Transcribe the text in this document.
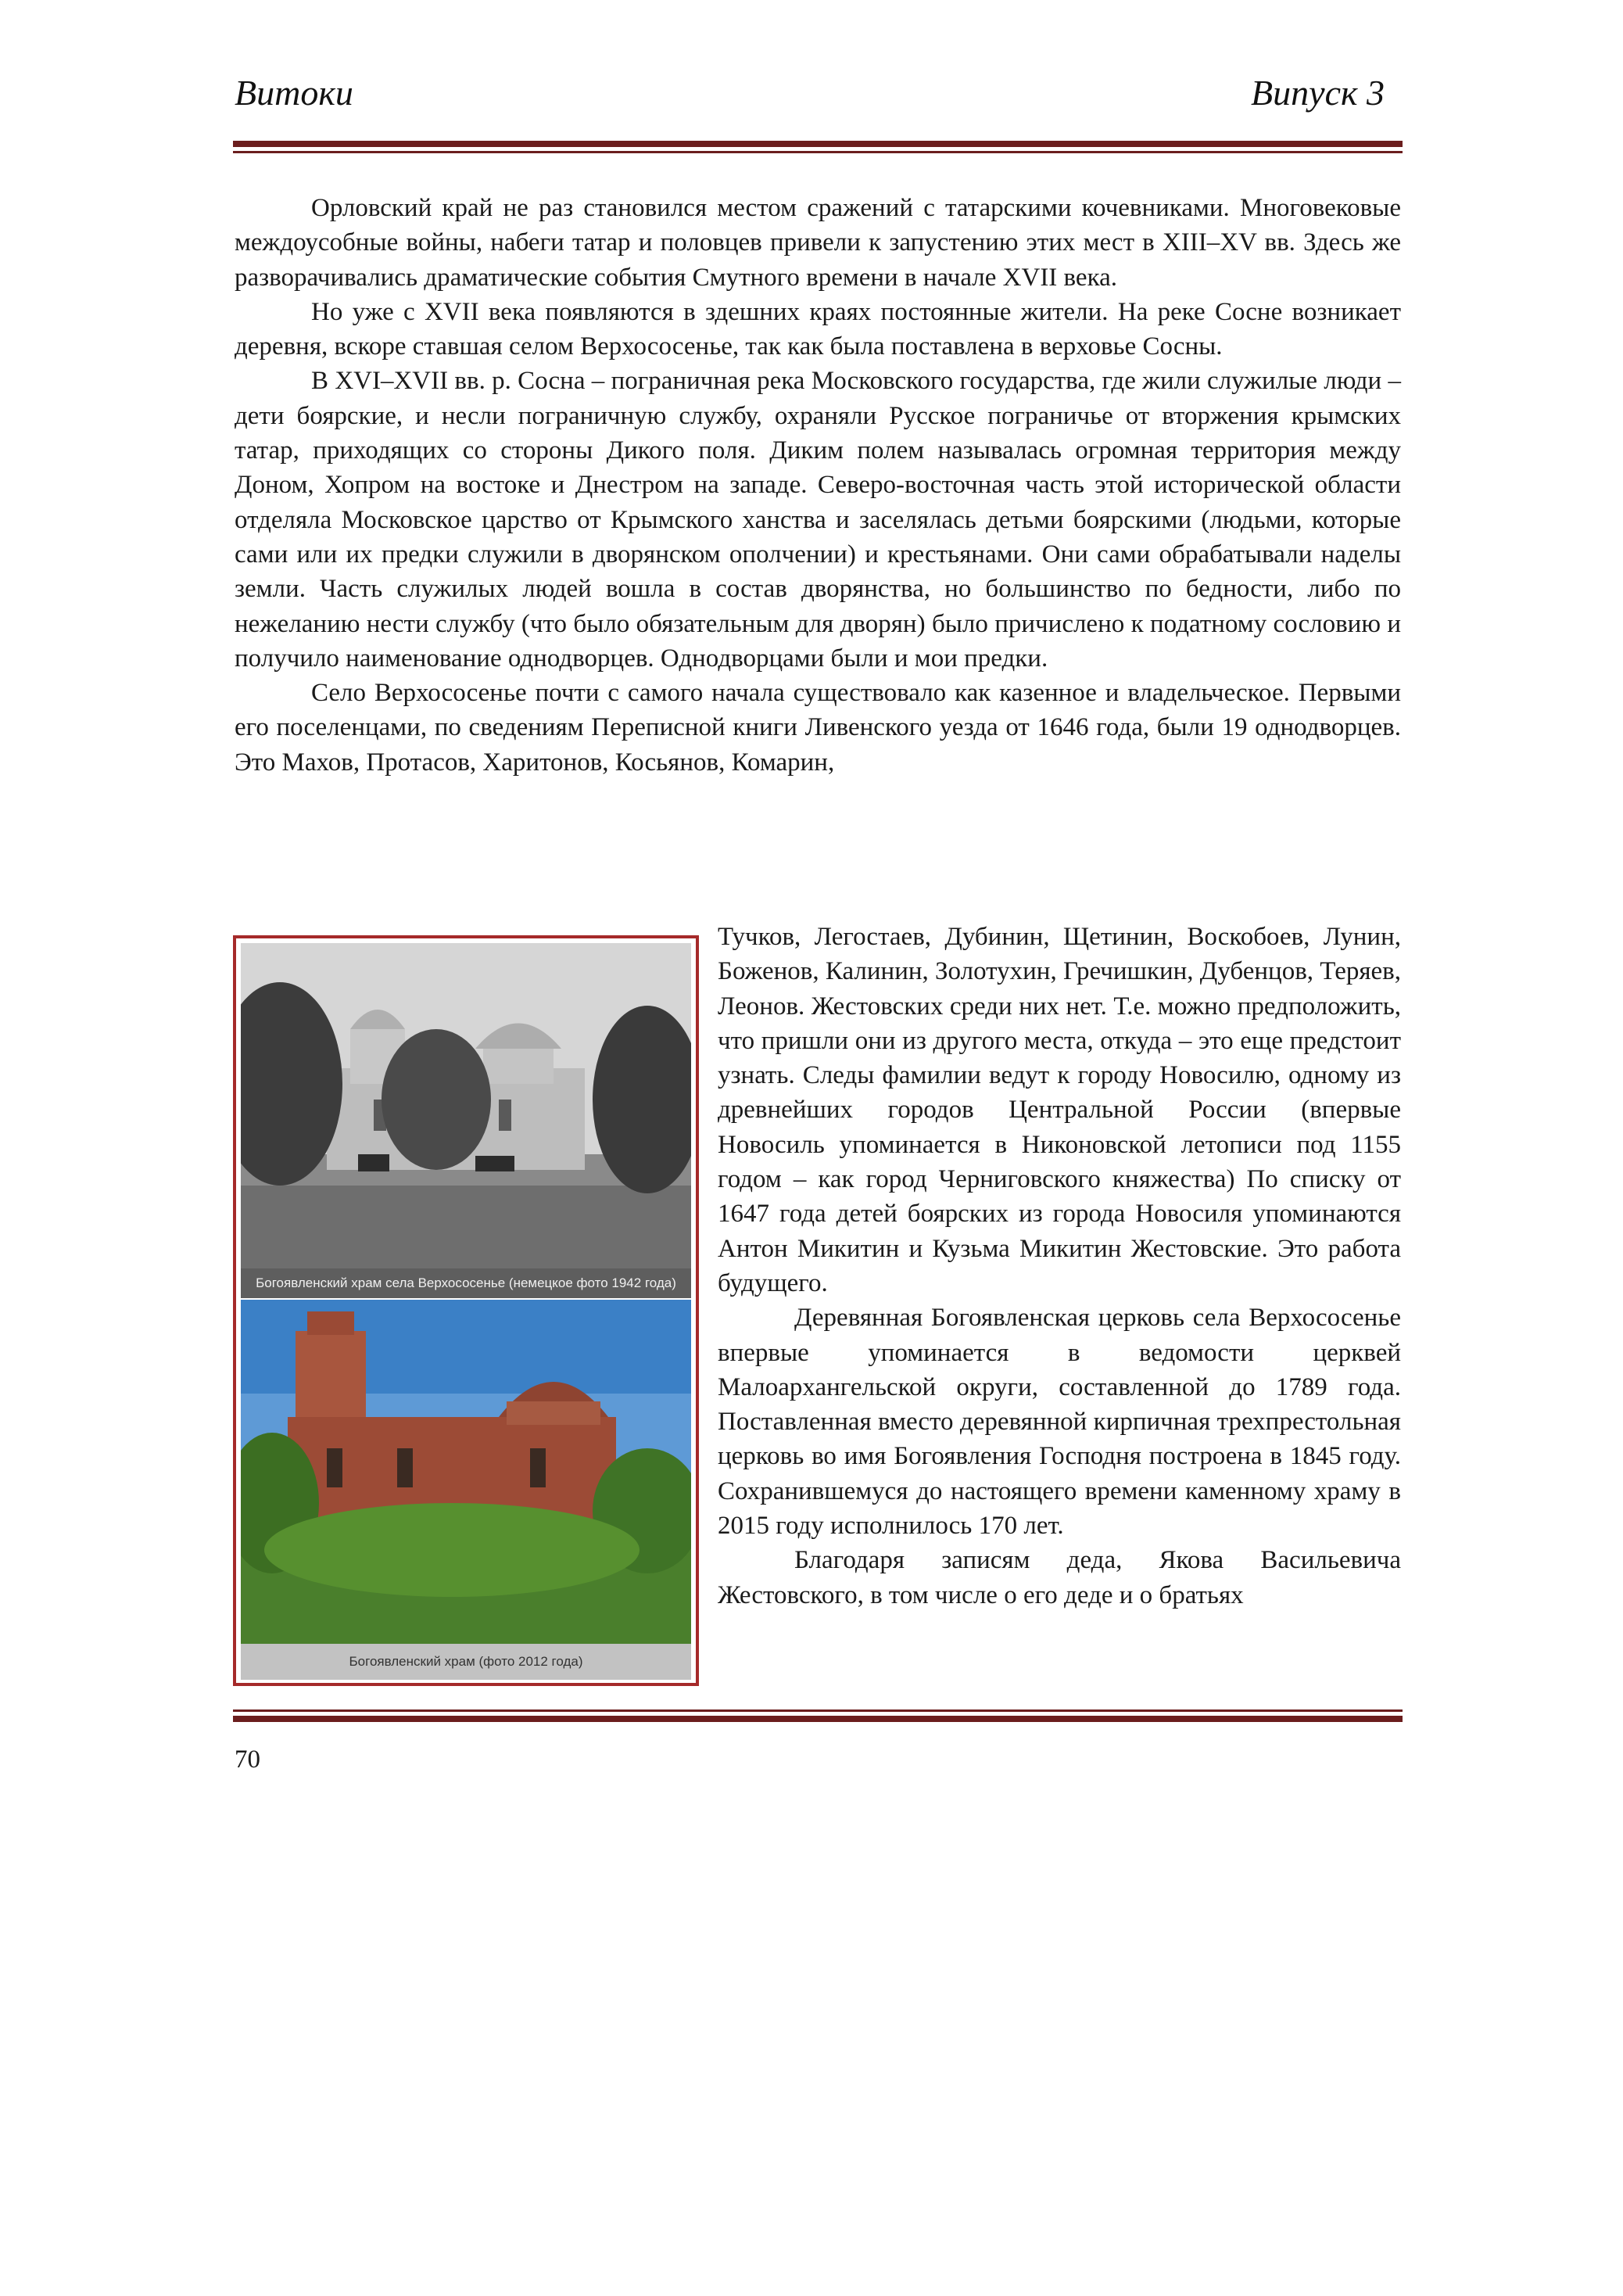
Витоки	Випуск 3

Орловский край не раз становился местом сражений с татарскими кочевниками. Многовековые междоусобные войны, набеги татар и половцев привели к запустению этих мест в XIII–XV вв. Здесь же разворачивались драматические события Смутного времени в начале XVII века.

Но уже с XVII века появляются в здешних краях постоянные жители. На реке Сосне возникает деревня, вскоре ставшая селом Верхососенье, так как была поставлена в верховье Сосны.

В XVI–XVII вв. р. Сосна – пограничная река Московского государства, где жили служилые люди – дети боярские, и несли пограничную службу, охраняли Русское пограничье от вторжения крымских татар, приходящих со стороны Дикого поля. Диким полем называлась огромная территория между Доном, Хопром на востоке и Днестром на западе. Северо-восточная часть этой исторической области отделяла Московское царство от Крымского ханства и заселялась детьми боярскими (людьми, которые сами или их предки служили в дворянском ополчении) и крестьянами. Они сами обрабатывали наделы земли. Часть служилых людей вошла в состав дворянства, но большинство по бедности, либо по нежеланию нести службу (что было обязательным для дворян) было причислено к податному сословию и получило наименование однодворцев. Однодворцами были и мои предки.

Село Верхососенье почти с самого начала существовало как казенное и владельческое. Первыми его поселенцами, по сведениям Переписной книги Ливенского уезда от 1646 года, были 19 однодворцев. Это Махов, Протасов, Харитонов, Косьянов, Комарин,

Богоявленский храм села Верхососенье (немецкое фото 1942 года)
Богоявленский храм (фото 2012 года)

Тучков, Легостаев, Дубинин, Щетинин, Воскобоев, Лунин, Боженов, Калинин, Золотухин, Гречишкин, Дубенцов, Теряев, Леонов. Жестовских среди них нет. Т.е. можно предположить, что пришли они из другого места, откуда – это еще предстоит узнать. Следы фамилии ведут к городу Новосилю, одному из древнейших городов Центральной России (впервые Новосиль упоминается в Никоновской летописи под 1155 годом – как город Черниговского княжества) По списку от 1647 года детей боярских из города Новосиля упоминаются Антон Микитин и Кузьма Микитин Жестовские. Это работа будущего.

Деревянная Богоявленская церковь села Верхососенье впервые упоминается в ведомости церквей Малоархангельской округи, составленной до 1789 года. Поставленная вместо деревянной кирпичная трехпрестольная церковь во имя Богоявления Господня построена в 1845 году. Сохранившемуся до настоящего времени каменному храму в 2015 году исполнилось 170 лет.

Благодаря записям деда, Якова Васильевича Жестовского, в том числе о его деде и о братьях

70
